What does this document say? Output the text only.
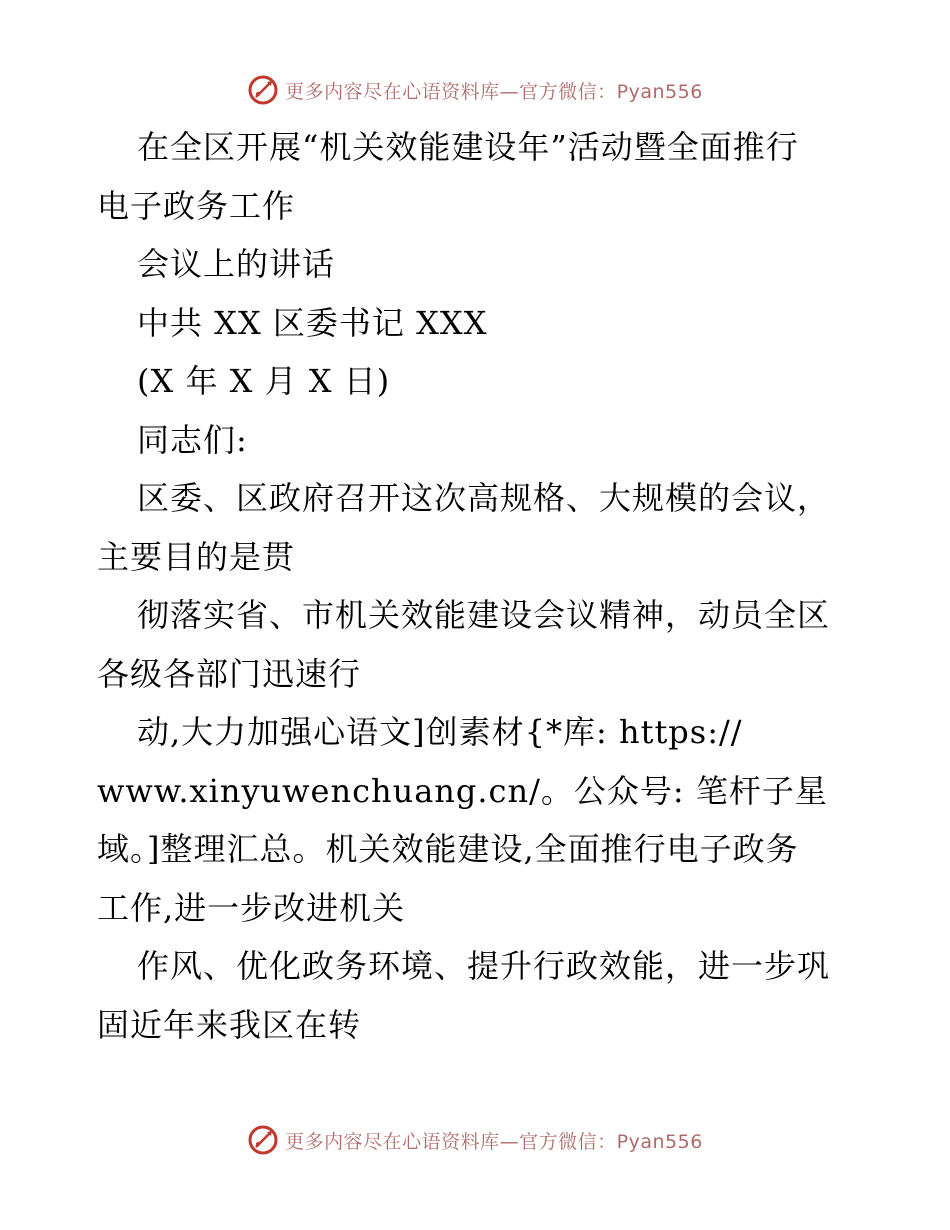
更多内容尽在心语资料库—官方微信：Pyan556
在全区开展“机关效能建设年”活动暨全面推行
电子政务工作
会议上的讲话
中共 XX 区委书记 XXX
(X 年 X 月 X 日)
同志们:
区委、区政府召开这次高规格、大规模的会议，
主要目的是贯
彻落实省、市机关效能建设会议精神，动员全区
各级各部门迅速行
动,大力加强心语文]创素材{*库: https://
www.xinyuwenchuang.cn/。公众号: 笔杆子星
域。]整理汇总。机关效能建设,全面推行电子政务
工作,进一步改进机关
作风、优化政务环境、提升行政效能，进一步巩
固近年来我区在转
更多内容尽在心语资料库—官方微信：Pyan556
